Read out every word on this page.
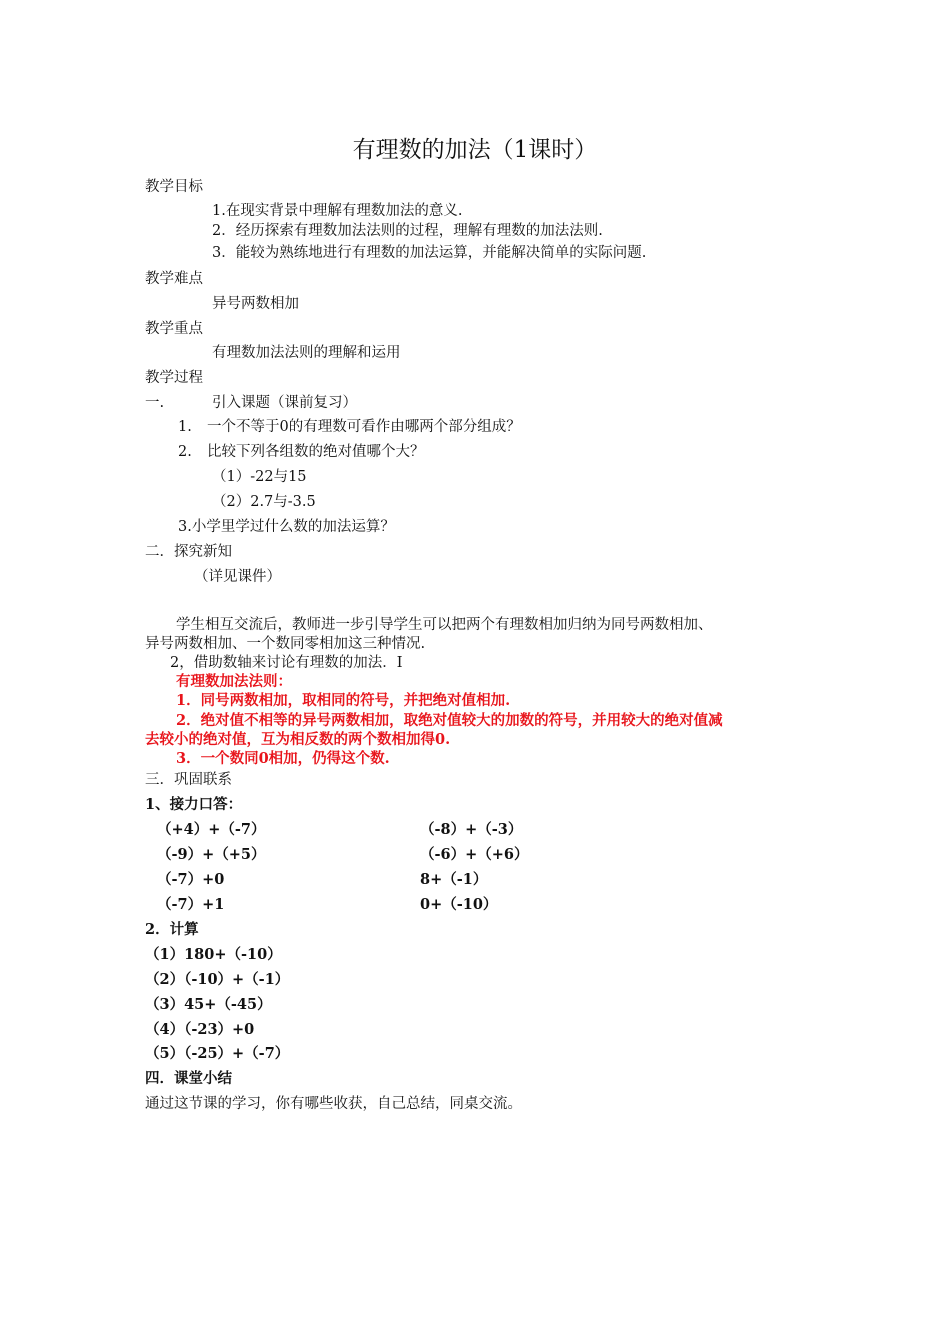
有理数的加法（1课时）
教学目标
1.在现实背景中理解有理数加法的意义.
2．经历探索有理数加法法则的过程，理解有理数的加法法则.
3．能较为熟练地进行有理数的加法运算，并能解决简单的实际问题.
教学难点
异号两数相加
教学重点
有理数加法法则的理解和运用
教学过程
一.	引入课题（课前复习）
1. 一个不等于0的有理数可看作由哪两个部分组成？
2. 比较下列各组数的绝对值哪个大？
（1）-22与15
（2）2.7与-3.5
3.小学里学过什么数的加法运算？
二．探究新知
（详见课件）
学生相互交流后，教师进一步引导学生可以把两个有理数相加归纳为同号两数相加、
异号两数相加、一个数同零相加这三种情况.
2，借助数轴来讨论有理数的加法．I
有理数加法法则：
1．同号两数相加，取相同的符号，并把绝对值相加.
2．绝对值不相等的异号两数相加，取绝对值较大的加数的符号，并用较大的绝对值减
去较小的绝对值，互为相反数的两个数相加得0.
3．一个数同0相加，仍得这个数.
三．巩固联系
1、接力口答：
（+4）+（-7）
（-9）+（+5）
（-7）+0
（-7）+1
（-8）+（-3）
（-6）+（+6）
8+（-1）
0+（-10）
2．计算
（1）180+（-10）
（2）（-10）+（-1）
（3）45+（-45）
（4）（-23）+0
（5）（-25）+（-7）
四．课堂小结
通过这节课的学习，你有哪些收获，自己总结，同桌交流。
